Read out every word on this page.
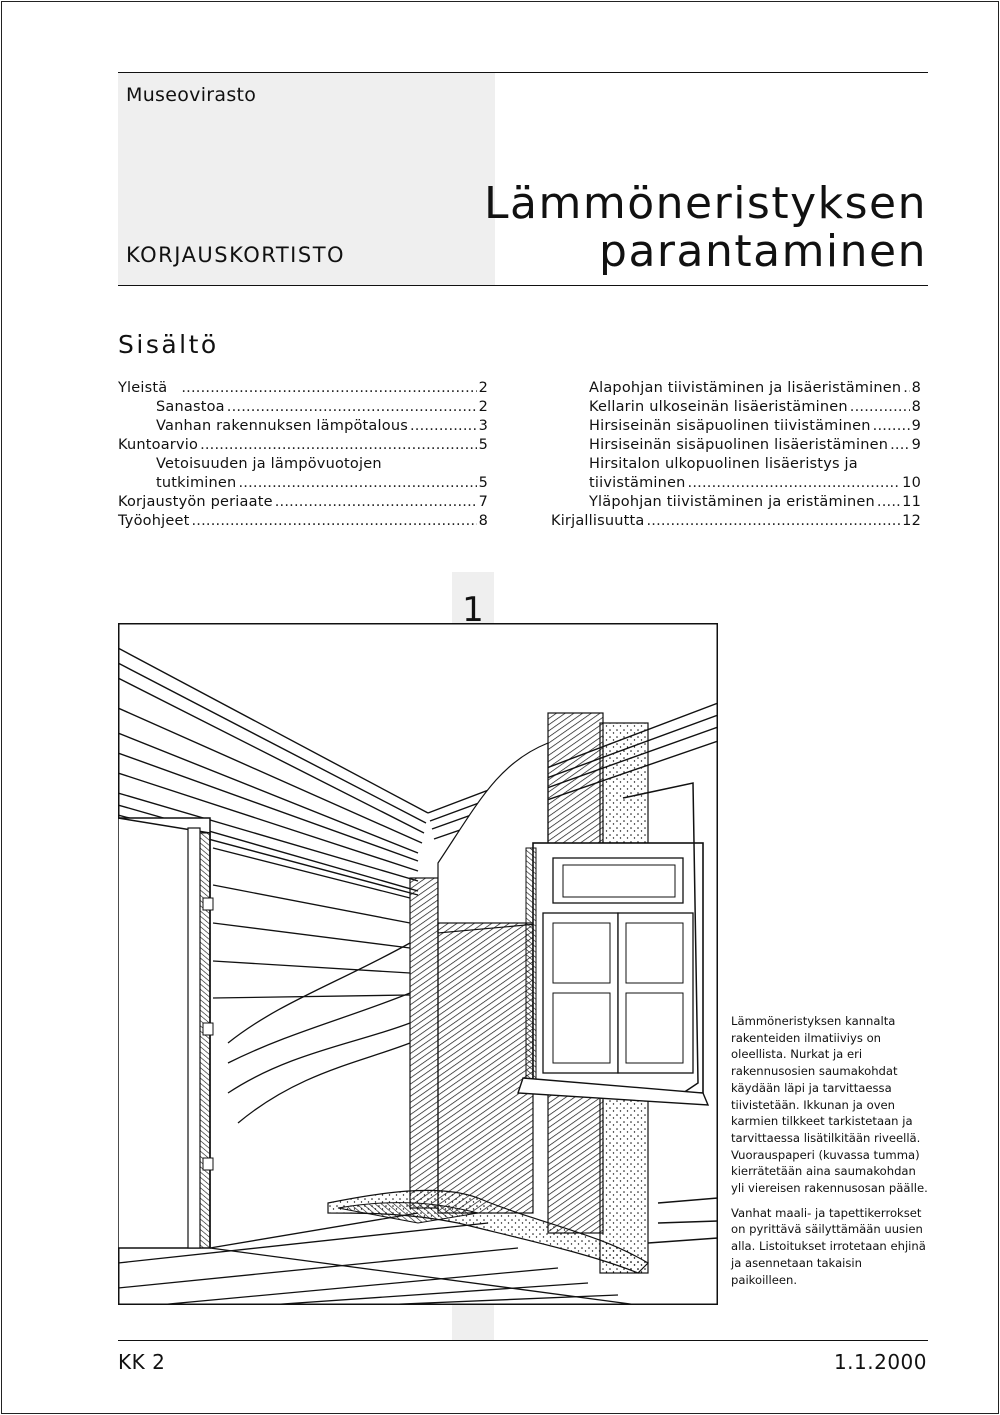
Museovirasto
KORJAUSKORTISTO
Lämmöneristyksen
parantaminen
Sisältö
Yleistä .....	2
Sanastoa .....	2
Vanhan rakennuksen lämpötalous .....	3
Kuntoarvio .....	5
Vetoisuuden ja lämpövuotojen
tutkiminen .....	5
Korjaustyön periaate .....	7
Työohjeet .....	8
Alapohjan tiivistäminen ja lisäeristäminen ..... 8
Kellarin ulkoseinän lisäeristäminen .....	8
Hirsiseinän sisäpuolinen tiivistäminen .....	9
Hirsiseinän sisäpuolinen lisäeristäminen ..... 9
Hirsitalon ulkopuolinen lisäeristys ja
tiivistäminen .....	10
Yläpohjan tiivistäminen ja eristäminen ..... 11
Kirjallisuutta .....	12
1

Lämmöneristyksen kannalta rakenteiden ilmatiiviys on oleellista. Nurkat ja eri rakennusosien saumakohdat käydään läpi ja tarvittaessa tiivistetään. Ikkunan ja oven karmien tilkkeet tarkistetaan ja tarvittaessa lisätilkitään riveellä. Vuorauspaperi (kuvassa tumma) kierrätetään aina saumakohdan yli viereisen rakennusosan päälle.

Vanhat maali- ja tapettikerrokset on pyrittävä säilyttämään uusien alla. Listoitukset irrotetaan ehjinä ja asennetaan takaisin paikoilleen.

KK 2	1.1.2000
